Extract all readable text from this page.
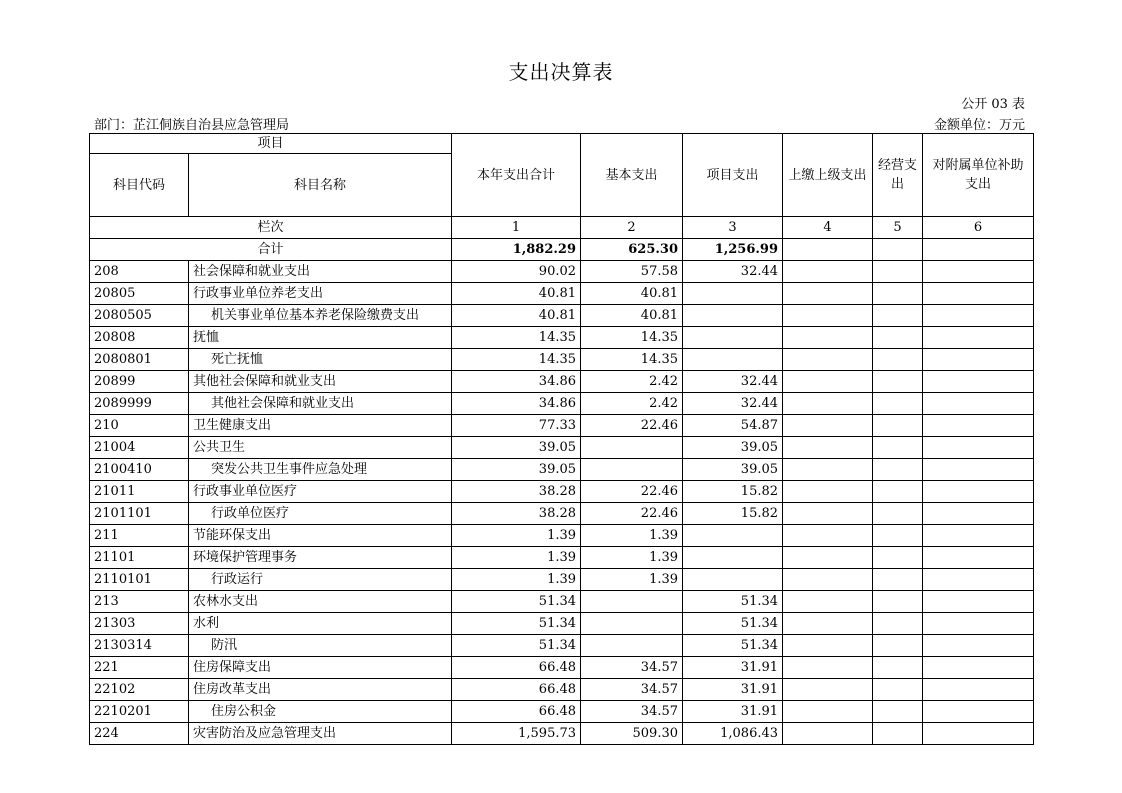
支出决算表
公开 03 表
部门：芷江侗族自治县应急管理局	金额单位：万元
项目		本年支出合计	基本支出	项目支出	上缴上级支出	经营支出	对附属单位补助支出
科目代码	科目名称						
栏次		1	2	3	4	5	6
合计		1,882.29	625.30	1,256.99			
208	社会保障和就业支出	90.02	57.58	32.44			
20805	行政事业单位养老支出	40.81	40.81				
2080505	机关事业单位基本养老保险缴费支出	40.81	40.81				
20808	抚恤	14.35	14.35				
2080801	死亡抚恤	14.35	14.35				
20899	其他社会保障和就业支出	34.86	2.42	32.44			
2089999	其他社会保障和就业支出	34.86	2.42	32.44			
210	卫生健康支出	77.33	22.46	54.87			
21004	公共卫生	39.05		39.05			
2100410	突发公共卫生事件应急处理	39.05		39.05			
21011	行政事业单位医疗	38.28	22.46	15.82			
2101101	行政单位医疗	38.28	22.46	15.82			
211	节能环保支出	1.39	1.39				
21101	环境保护管理事务	1.39	1.39				
2110101	行政运行	1.39	1.39				
213	农林水支出	51.34		51.34			
21303	水利	51.34		51.34			
2130314	防汛	51.34		51.34			
221	住房保障支出	66.48	34.57	31.91			
22102	住房改革支出	66.48	34.57	31.91			
2210201	住房公积金	66.48	34.57	31.91			
224	灾害防治及应急管理支出	1,595.73	509.30	1,086.43			
